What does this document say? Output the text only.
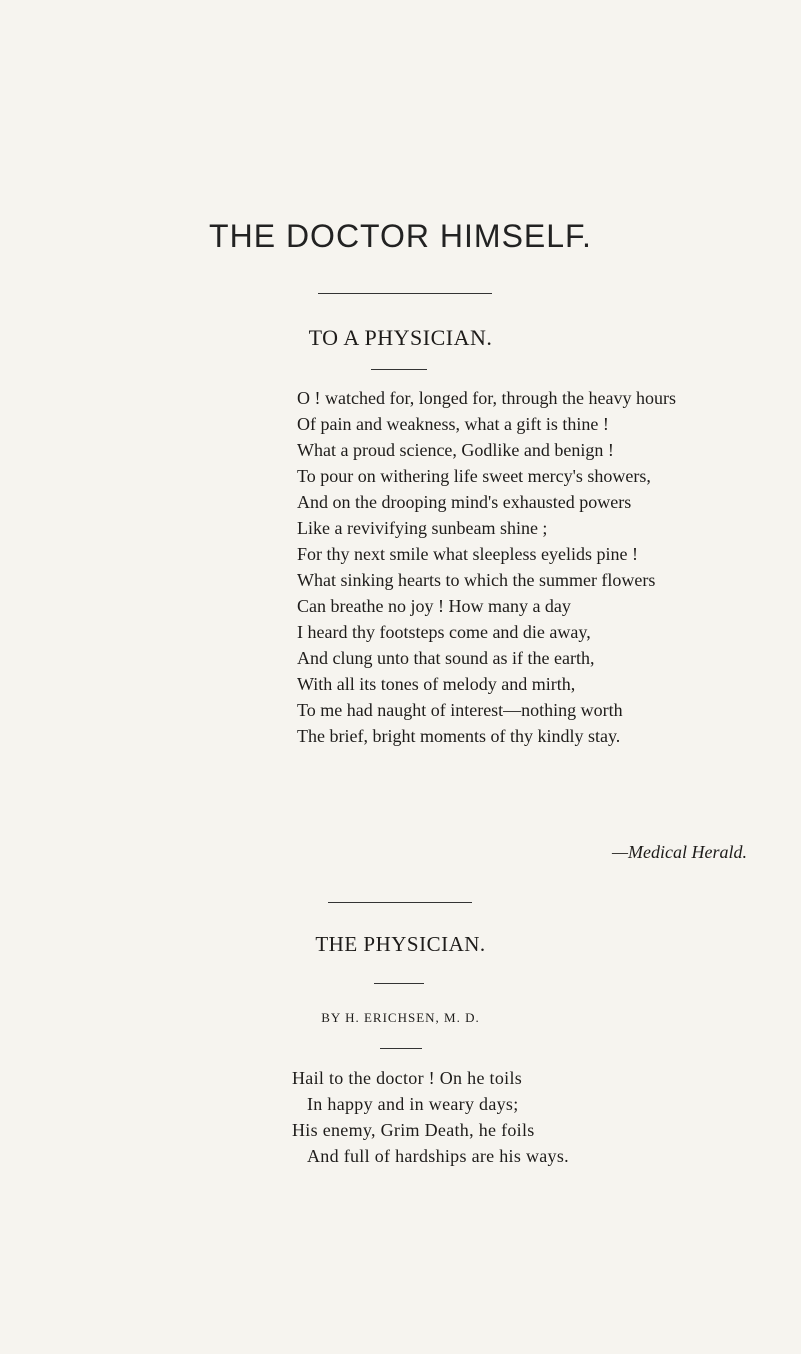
THE DOCTOR HIMSELF.
TO A PHYSICIAN.
O ! watched for, longed for, through the heavy hours
Of pain and weakness, what a gift is thine !
What a proud science, Godlike and benign !
To pour on withering life sweet mercy's showers,
And on the drooping mind's exhausted powers
Like a revivifying sunbeam shine ;
For thy next smile what sleepless eyelids pine !
What sinking hearts to which the summer flowers
Can breathe no joy ! How many a day
I heard thy footsteps come and die away,
And clung unto that sound as if the earth,
With all its tones of melody and mirth,
To me had naught of interest—nothing worth
The brief, bright moments of thy kindly stay.
—Medical Herald.
THE PHYSICIAN.
BY H. ERICHSEN, M. D.
Hail to the doctor ! On he toils
In happy and in weary days;
His enemy, Grim Death, he foils
And full of hardships are his ways.
